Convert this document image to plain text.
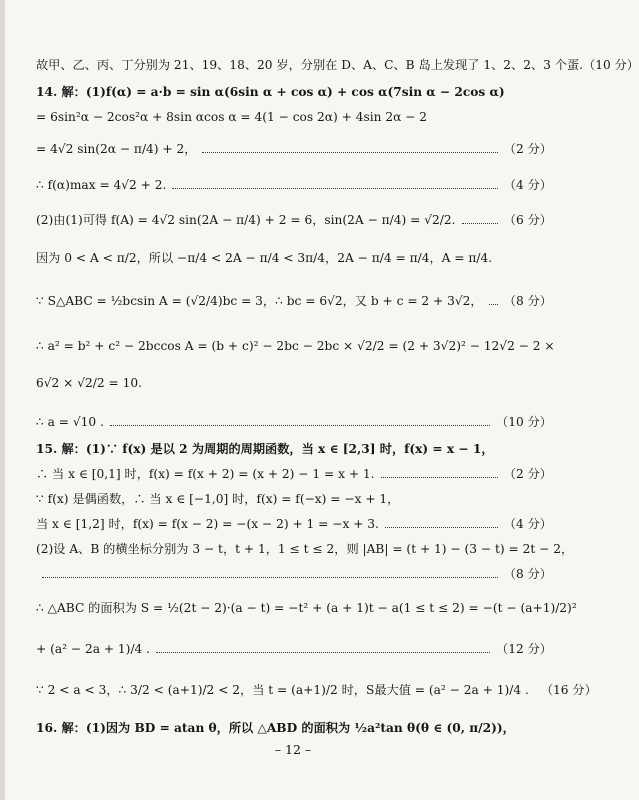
故甲、乙、丙、丁分别为 21、19、18、20 岁，分别在 D、A、C、B 岛上发现了 1、2、2、3 个蛋.（10 分）
14. 解：(1)f(α) = a·b = sin α(6sin α + cos α) + cos α(7sin α − 2cos α)
= 6sin²α − 2cos²α + 8sin αcos α = 4(1 − cos 2α) + 4sin 2α − 2
= 4√2 sin(2α − π/4) + 2，	（2 分）
∴ f(α)max = 4√2 + 2.	（4 分）
(2)由(1)可得 f(A) = 4√2 sin(2A − π/4) + 2 = 6，sin(2A − π/4) = √2/2.	（6 分）
因为 0 < A < π/2，所以 −π/4 < 2A − π/4 < 3π/4，2A − π/4 = π/4，A = π/4.
∵ S△ABC = ½bcsin A = (√2/4)bc = 3，∴ bc = 6√2，又 b + c = 2 + 3√2， （8 分）
∴ a² = b² + c² − 2bccos A = (b + c)² − 2bc − 2bc × √2/2 = (2 + 3√2)² − 12√2 − 2 ×
6√2 × √2/2 = 10.
∴ a = √10 .	（10 分）
15. 解：(1)∵ f(x) 是以 2 为周期的周期函数，当 x ∈ [2,3] 时，f(x) = x − 1，
∴ 当 x ∈ [0,1] 时，f(x) = f(x + 2) = (x + 2) − 1 = x + 1.	（2 分）
∵ f(x) 是偶函数，∴ 当 x ∈ [−1,0] 时，f(x) = f(−x) = −x + 1，
当 x ∈ [1,2] 时，f(x) = f(x − 2) = −(x − 2) + 1 = −x + 3.	（4 分）
(2)设 A、B 的横坐标分别为 3 − t，t + 1，1 ≤ t ≤ 2，则 |AB| = (t + 1) − (3 − t) = 2t − 2，
（8 分）
∴ △ABC 的面积为 S = ½(2t − 2)·(a − t) = −t² + (a + 1)t − a(1 ≤ t ≤ 2) = −(t − (a+1)/2)²
+ (a² − 2a + 1)/4 .	（12 分）
∵ 2 < a < 3，∴ 3/2 < (a+1)/2 < 2，当 t = (a+1)/2 时，S最大值 = (a² − 2a + 1)/4 . （16 分）
16. 解：(1)因为 BD = atan θ，所以 △ABD 的面积为 ½a²tan θ(θ ∈ (0, π/2))，
– 12 –
